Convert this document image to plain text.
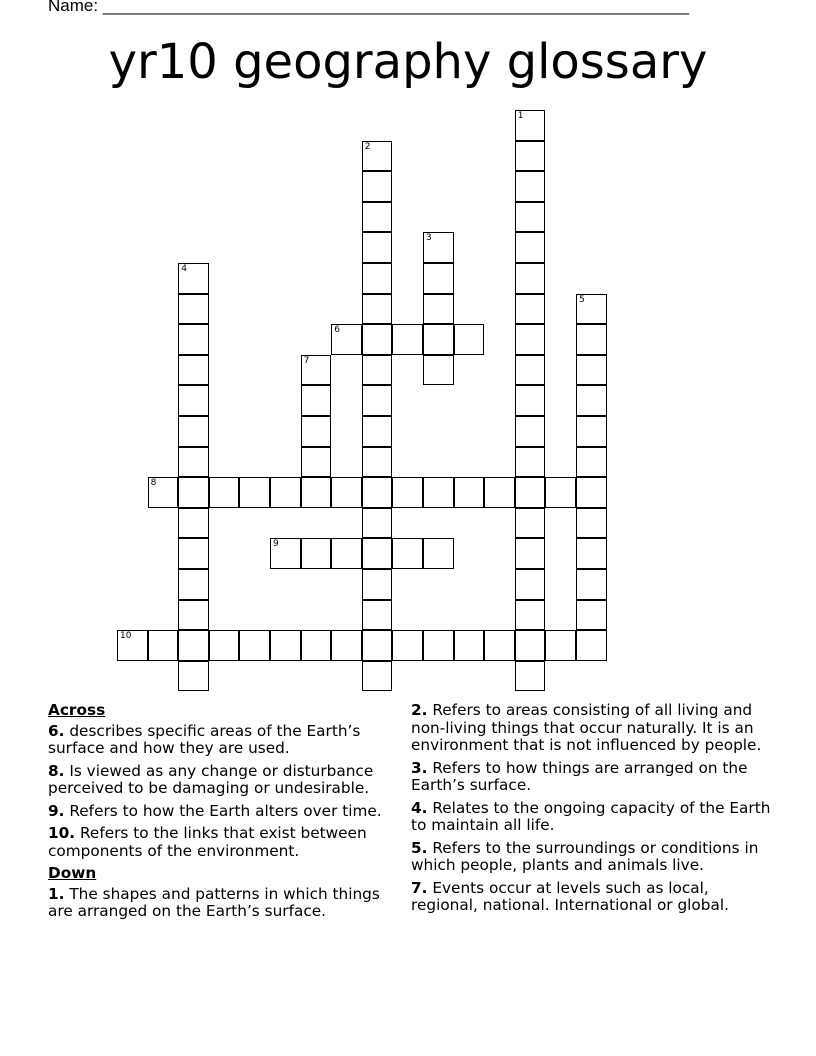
Name: ______________________________________________________________
yr10 geography glossary
1
2
3
4
5
6
7
8
9
10
Across
6. describes specific areas of the Earth’s surface and how they are used.
8. Is viewed as any change or disturbance perceived to be damaging or undesirable.
9. Refers to how the Earth alters over time.
10. Refers to the links that exist between components of the environment.
Down
1. The shapes and patterns in which things are arranged on the Earth’s surface.
2. Refers to areas consisting of all living and non-living things that occur naturally. It is an environment that is not influenced by people.
3. Refers to how things are arranged on the Earth’s surface.
4. Relates to the ongoing capacity of the Earth to maintain all life.
5. Refers to the surroundings or conditions in which people, plants and animals live.
7. Events occur at levels such as local, regional, national. International or global.
